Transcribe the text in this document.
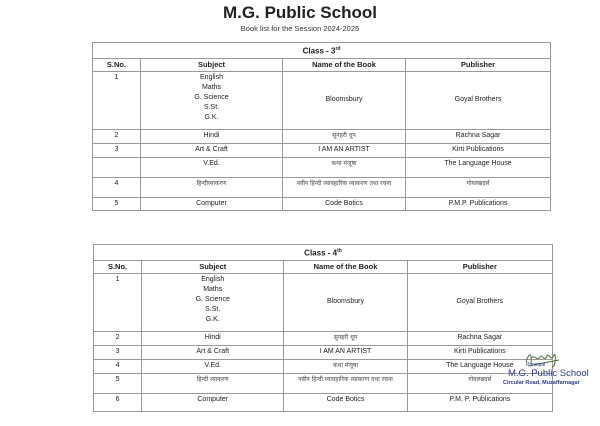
M.G. Public School
Book list for the Session 2024-2025
Class - 3rd
S.No.	Subject	Name of the Book	Publisher
1	English
Maths
G. Science
S.St.
G.K.	Bloomsbury	Goyal Brothers
2	Hindi	सुनहरी धूप	Rachna Sagar
3	Art & Craft	I AM AN ARTIST	Kirti Publications

	V.Ed.	कथा मंजूषा	The Language House
4	हिन्दीव्याकरण	नवीन हिन्दी व्यावहारिक व्याकरण तथा रचना	गोयलब्रदर्स
5	Computer	Code Botics	P.M.P. Publications
Class - 4th
S.No.	Subject	Name of the Book	Publisher
1	English
Maths
G. Science
S.St.
G.K.	Bloomsbury	Goyal Brothers
2	Hindi	सुनहरी धूप	Rachna Sagar
3	Art & Craft	I AM AN ARTIST	Kirti Publications
4	V.Ed.	कथा मंजूषा	The Language House
5	हिन्दी व्याकरण	नवीन हिन्दी व्यावहारिक व्याकरण तथा रचना	गोयलब्रदर्स
6	Computer	Code Botics	P.M. P. Publications
Principal
M.G. Public School
Circular Road, Muzaffarnagar
